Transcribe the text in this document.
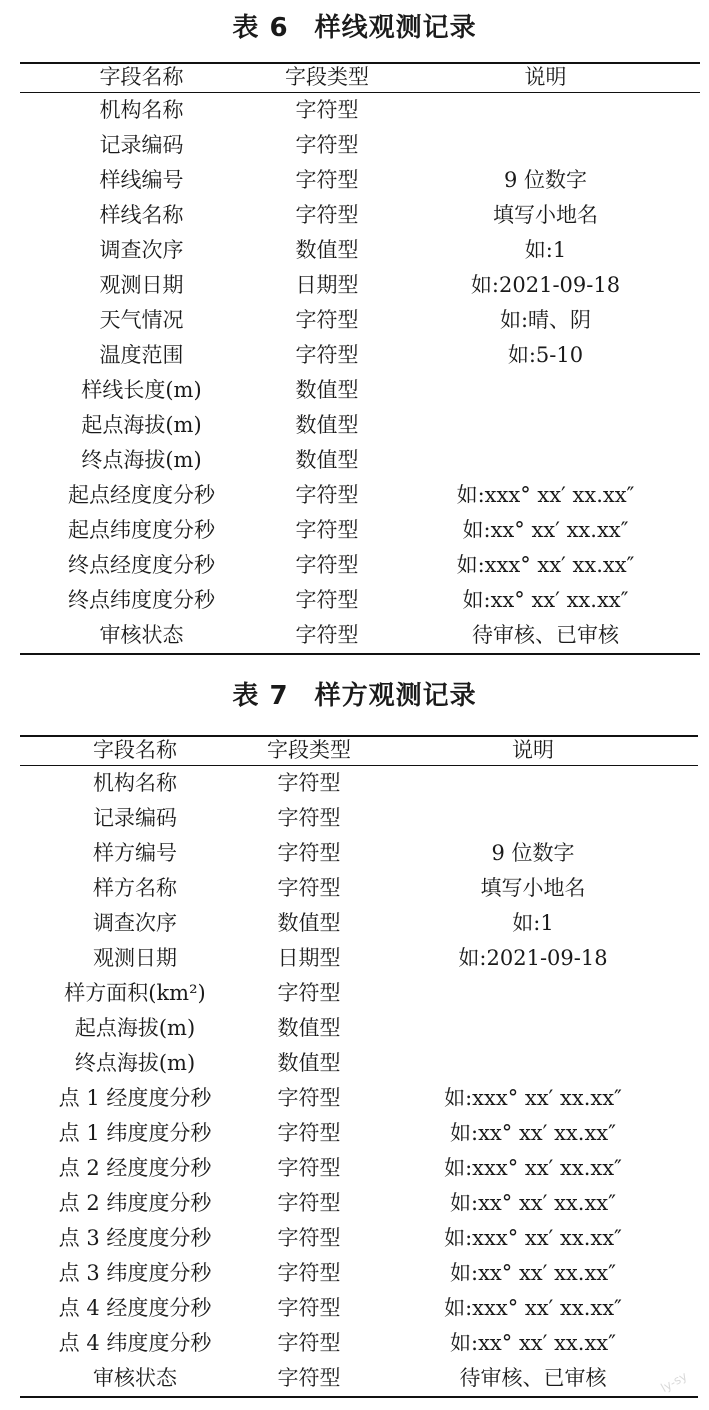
表 6 样线观测记录
字段名称	字段类型	说明
机构名称	字符型	
记录编码	字符型	
样线编号	字符型	9 位数字
样线名称	字符型	填写小地名
调查次序	数值型	如:1
观测日期	日期型	如:2021-09-18
天气情况	字符型	如:晴、阴
温度范围	字符型	如:5-10
样线长度(m)	数值型	
起点海拔(m)	数值型	
终点海拔(m)	数值型	
起点经度度分秒	字符型	如:xxx° xx′ xx.xx″
起点纬度度分秒	字符型	如:xx° xx′ xx.xx″
终点经度度分秒	字符型	如:xxx° xx′ xx.xx″
终点纬度度分秒	字符型	如:xx° xx′ xx.xx″
审核状态	字符型	待审核、已审核
表 7 样方观测记录
字段名称	字段类型	说明
机构名称	字符型	
记录编码	字符型	
样方编号	字符型	9 位数字
样方名称	字符型	填写小地名
调查次序	数值型	如:1
观测日期	日期型	如:2021-09-18
样方面积(km²)	字符型	
起点海拔(m)	数值型	
终点海拔(m)	数值型	
点 1 经度度分秒	字符型	如:xxx° xx′ xx.xx″
点 1 纬度度分秒	字符型	如:xx° xx′ xx.xx″
点 2 经度度分秒	字符型	如:xxx° xx′ xx.xx″
点 2 纬度度分秒	字符型	如:xx° xx′ xx.xx″
点 3 经度度分秒	字符型	如:xxx° xx′ xx.xx″
点 3 纬度度分秒	字符型	如:xx° xx′ xx.xx″
点 4 经度度分秒	字符型	如:xxx° xx′ xx.xx″
点 4 纬度度分秒	字符型	如:xx° xx′ xx.xx″
审核状态	字符型	待审核、已审核	ly-sy
